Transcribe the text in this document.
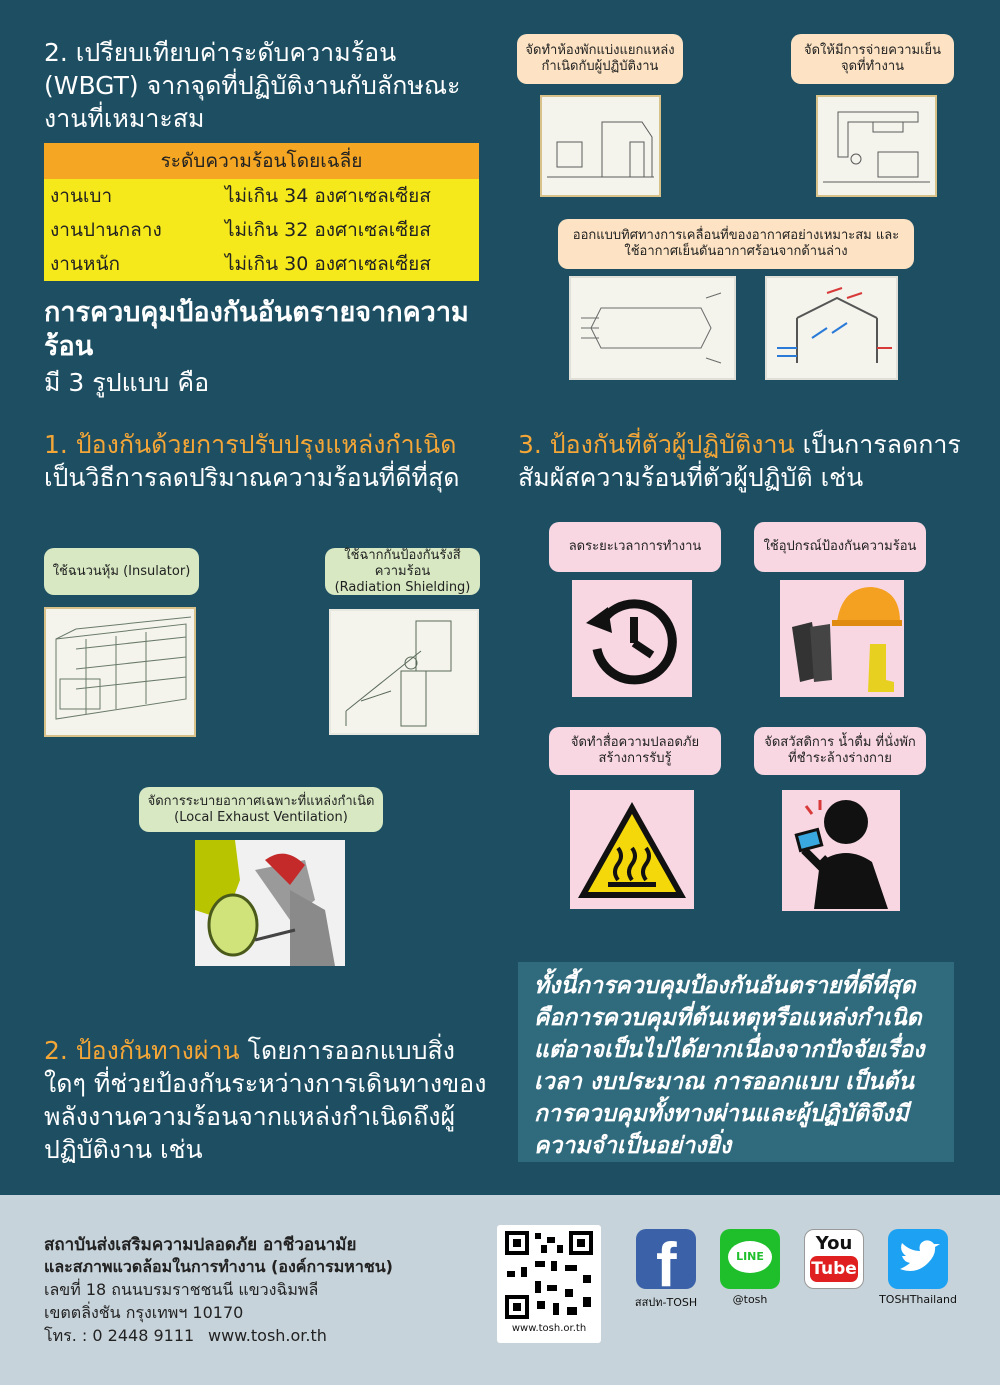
2. เปรียบเทียบค่าระดับความร้อน (WBGT) จากจุดที่ปฏิบัติงานกับลักษณะงานที่เหมาะสม
ระดับความร้อนโดยเฉลี่ย	
งานเบา	ไม่เกิน 34 องศาเซลเซียส
งานปานกลาง	ไม่เกิน 32 องศาเซลเซียส
งานหนัก	ไม่เกิน 30 องศาเซลเซียส
การควบคุมป้องกันอันตรายจากความร้อน
มี 3 รูปแบบ คือ
1. ป้องกันด้วยการปรับปรุงแหล่งกำเนิด
เป็นวิธีการลดปริมาณความร้อนที่ดีที่สุด
ใช้ฉนวนหุ้ม (Insulator)
ใช้ฉากกันป้องกันรังสีความร้อน
(Radiation Shielding)
จัดการระบายอากาศเฉพาะที่แหล่งกำเนิด
(Local Exhaust Ventilation)
2. ป้องกันทางผ่าน โดยการออกแบบสิ่งใดๆ ที่ช่วยป้องกันระหว่างการเดินทางของพลังงานความร้อนจากแหล่งกำเนิดถึงผู้ปฏิบัติงาน เช่น
จัดทำห้องพักแบ่งแยกแหล่งกำเนิดกับผู้ปฏิบัติงาน
จัดให้มีการจ่ายความเย็นจุดที่ทำงาน
ออกแบบทิศทางการเคลื่อนที่ของอากาศอย่างเหมาะสม และใช้อากาศเย็นดันอากาศร้อนจากด้านล่าง
3. ป้องกันที่ตัวผู้ปฏิบัติงาน เป็นการลดการสัมผัสความร้อนที่ตัวผู้ปฏิบัติ เช่น
ลดระยะเวลาการทำงาน	ใช้อุปกรณ์ป้องกันความร้อน
จัดทำสื่อความปลอดภัย สร้างการรับรู้
จัดสวัสดิการ น้ำดื่ม ที่นั่งพัก ที่ชำระล้างร่างกาย
ทั้งนี้การควบคุมป้องกันอันตรายที่ดีที่สุด คือการควบคุมที่ต้นเหตุหรือแหล่งกำเนิด แต่อาจเป็นไปได้ยากเนื่องจากปัจจัยเรื่องเวลา งบประมาณ การออกแบบ เป็นต้น การควบคุมทั้งทางผ่านและผู้ปฏิบัติจึงมีความจำเป็นอย่างยิ่ง
สถาบันส่งเสริมความปลอดภัย อาชีวอนามัย
และสภาพแวดล้อมในการทำงาน (องค์การมหาชน)
เลขที่ 18 ถนนบรมราชชนนี แขวงฉิมพลี
เขตตลิ่งชัน กรุงเทพฯ 10170
โทร. : 0 2448 9111 www.tosh.or.th	www.tosh.or.th
f
สสปท-TOSH
LINE
@tosh
You
Tube
TOSHThailand
